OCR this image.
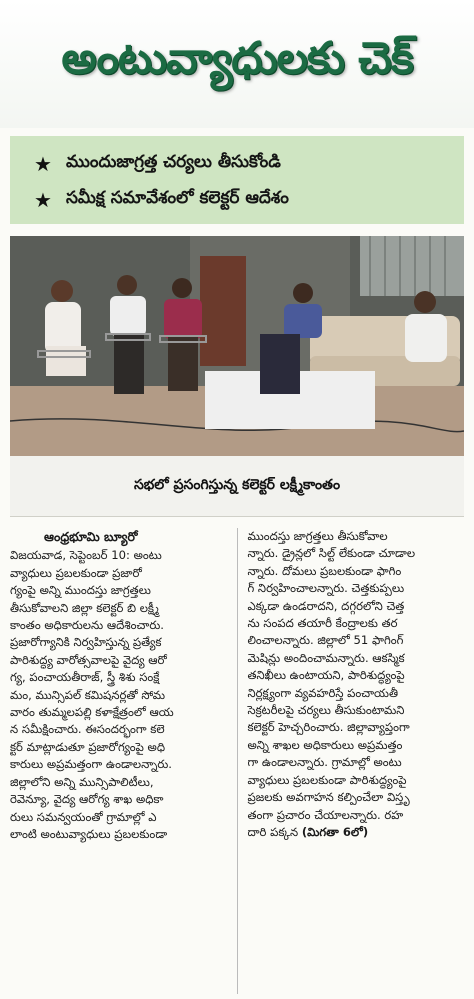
అంటువ్యాధులకు చెక్
★ ముందుజాగ్రత్త చర్యలు తీసుకోండి
★ సమీక్ష సమావేశంలో కలెక్టర్ ఆదేశం
సభలో ప్రసంగిస్తున్న కలెక్టర్ లక్ష్మీకాంతం
ఆంధ్రభూమి బ్యూరో

విజయవాడ, సెప్టెంబర్ 10: అంటు

వ్యాధులు ప్రబలకుండా ప్రజారో

గ్యంపై అన్ని ముందస్తు జాగ్రత్తలు

తీసుకోవాలని జిల్లా కలెక్టర్ బి లక్ష్మీ

కాంతం అధికారులను ఆదేశించారు.

ప్రజారోగ్యానికి నిర్వహిస్తున్న ప్రత్యేక

పారిశుద్ధ్య వారోత్సవాలపై వైద్య ఆరో

గ్య, పంచాయతీరాజ్, స్త్రీ శిశు సంక్షే

మం, మున్సిపల్ కమిషనర్లతో సోమ

వారం తుమ్మలపల్లి కళాక్షేత్రంలో ఆయ

న సమీక్షించారు. ఈసందర్భంగా కలె

క్టర్ మాట్లాడుతూ ప్రజారోగ్యంపై అధి

కారులు అప్రమత్తంగా ఉండాలన్నారు.

జిల్లాలోని అన్ని మున్సిపాలిటీలు,

రెవెన్యూ, వైద్య ఆరోగ్య శాఖ అధికా

రులు సమన్వయంతో గ్రామాల్లో ఎ

లాంటి అంటువ్యాధులు ప్రబలకుండా

ముందస్తు జాగ్రత్తలు తీసుకోవాల

న్నారు. డ్రైన్లలో సిల్ట్ లేకుండా చూడాల

న్నారు. దోమలు ప్రబలకుండా ఫాగిం

గ్ నిర్వహించాలన్నారు. చెత్తకుప్పలు

ఎక్కడా ఉండరాదని, దగ్గరలోని చెత్త

ను సంపద తయారీ కేంద్రాలకు తర

లించాలన్నారు. జిల్లాలో 51 ఫాగింగ్

మెషిన్లు అందించామన్నారు. ఆకస్మిక

తనిఖీలు ఉంటాయని, పారిశుద్ధ్యంపై

నిర్లక్ష్యంగా వ్యవహరిస్తే పంచాయతీ

సెక్రటరీలపై చర్యలు తీసుకుంటామని

కలెక్టర్ హెచ్చరించారు. జిల్లావ్యాప్తంగా

అన్ని శాఖల అధికారులు అప్రమత్తం

గా ఉండాలన్నారు. గ్రామాల్లో అంటు

వ్యాధులు ప్రబలకుండా పారిశుద్ధ్యంపై

ప్రజలకు అవగాహన కల్పించేలా విస్తృ

తంగా ప్రచారం చేయాలన్నారు. రహ

దారి పక్కన (మిగతా 6లో)
